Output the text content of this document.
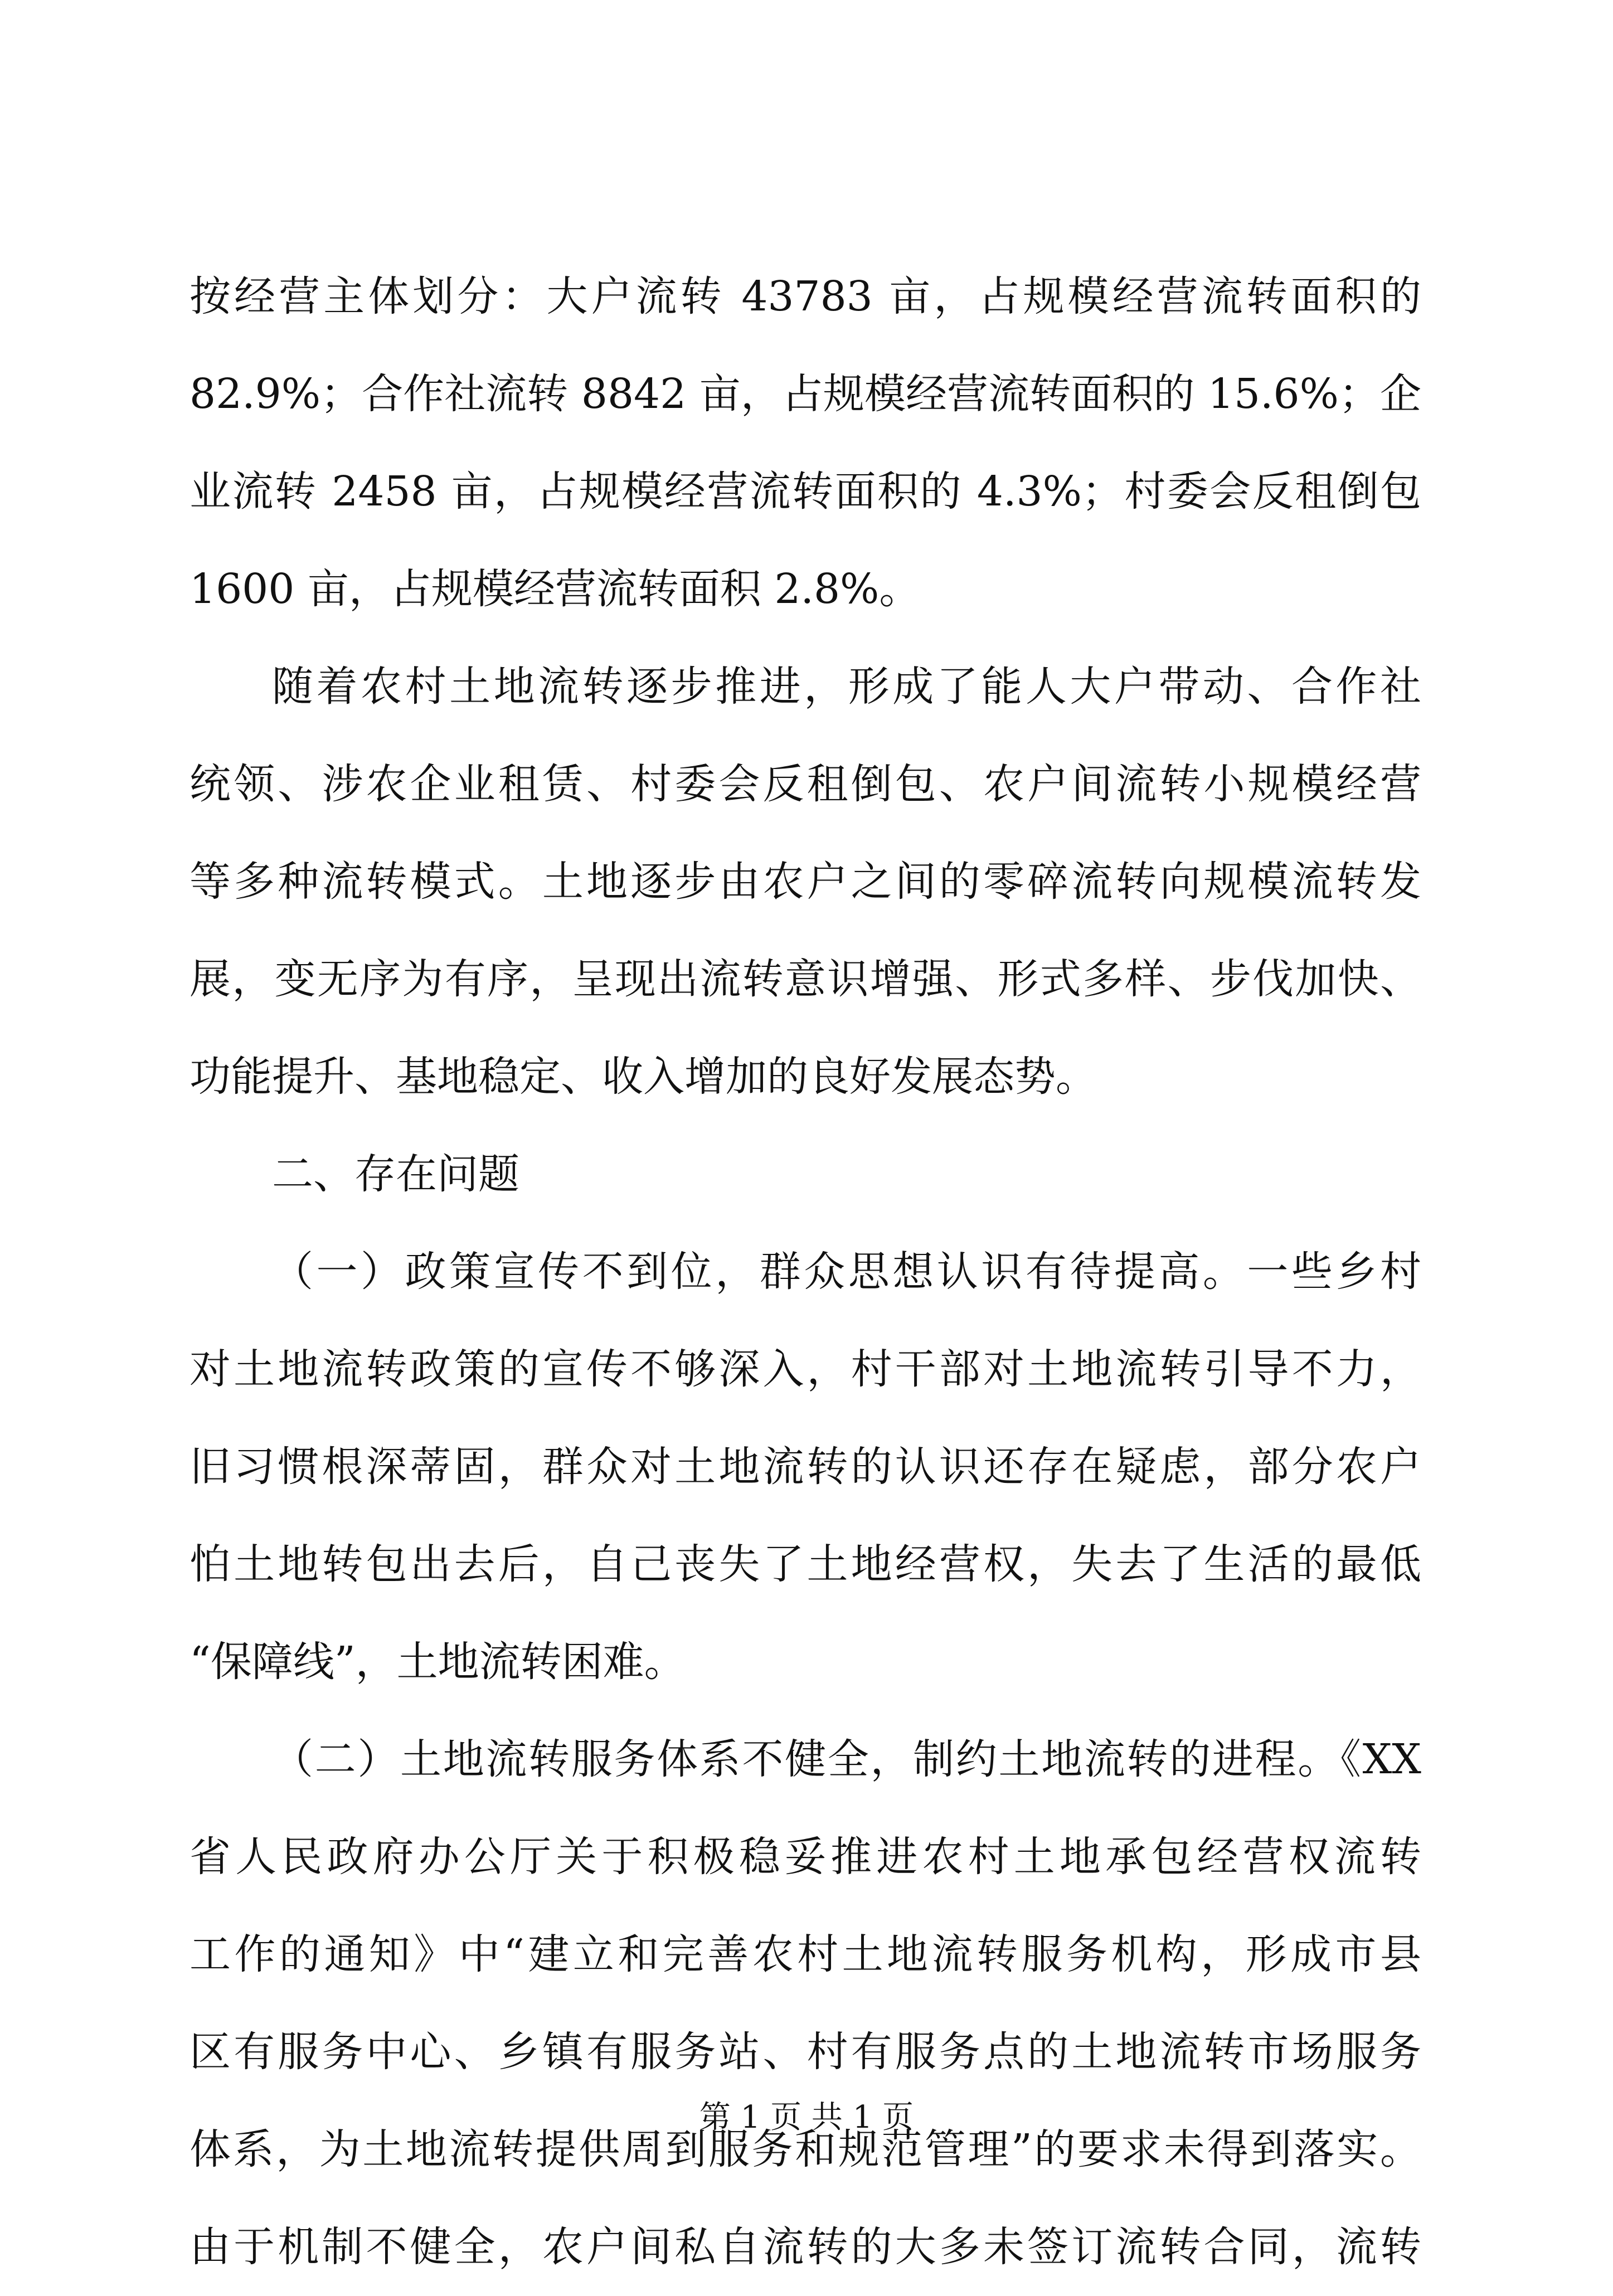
按经营主体划分：大户流转 43783 亩，占规模经营流转面积的
82.9%；合作社流转 8842 亩，占规模经营流转面积的 15.6%；企
业流转 2458 亩，占规模经营流转面积的 4.3%；村委会反租倒包
1600 亩，占规模经营流转面积 2.8%。
随着农村土地流转逐步推进，形成了能人大户带动、合作社
统领、涉农企业租赁、村委会反租倒包、农户间流转小规模经营
等多种流转模式。土地逐步由农户之间的零碎流转向规模流转发
展，变无序为有序，呈现出流转意识增强、形式多样、步伐加快、
功能提升、基地稳定、收入增加的良好发展态势。
二、存在问题
（一）政策宣传不到位，群众思想认识有待提高。一些乡村
对土地流转政策的宣传不够深入，村干部对土地流转引导不力，
旧习惯根深蒂固，群众对土地流转的认识还存在疑虑，部分农户
怕土地转包出去后，自己丧失了土地经营权，失去了生活的最低
“保障线”，土地流转困难。
（二）土地流转服务体系不健全，制约土地流转的进程。《XX
省人民政府办公厅关于积极稳妥推进农村土地承包经营权流转
工作的通知》中“建立和完善农村土地流转服务机构，形成市县
区有服务中心、乡镇有服务站、村有服务点的土地流转市场服务
体系，为土地流转提供周到服务和规范管理”的要求未得到落实。
由于机制不健全，农户间私自流转的大多未签订流转合同，流转
第 1 页 共 1 页
